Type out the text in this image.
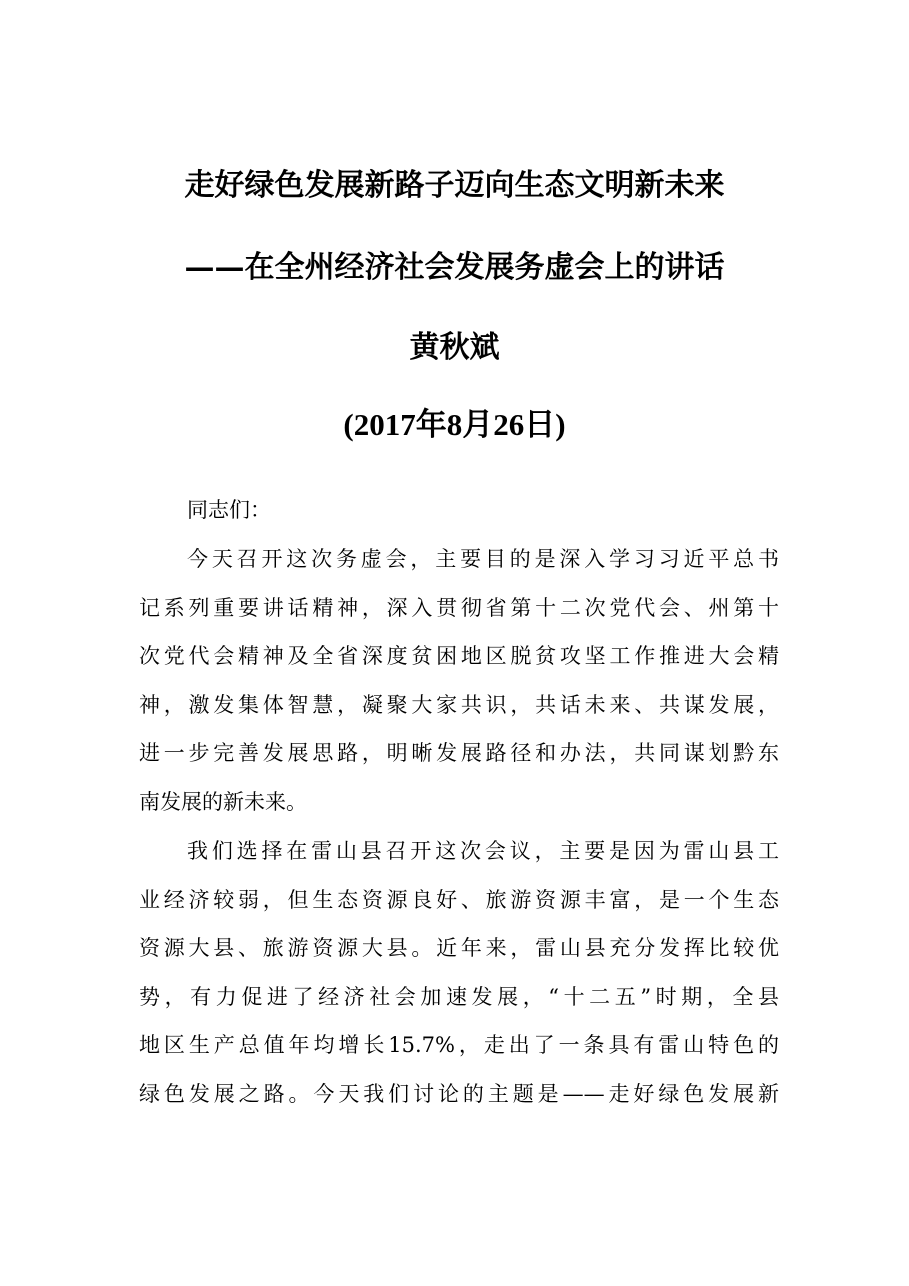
走好绿色发展新路子迈向生态文明新未来
——在全州经济社会发展务虚会上的讲话
黄秋斌
(2017年8月26日)
同志们：
今天召开这次务虚会，主要目的是深入学习习近平总书
记系列重要讲话精神，深入贯彻省第十二次党代会、州第十
次党代会精神及全省深度贫困地区脱贫攻坚工作推进大会精
神，激发集体智慧，凝聚大家共识，共话未来、共谋发展，
进一步完善发展思路，明晰发展路径和办法，共同谋划黔东
南发展的新未来。
我们选择在雷山县召开这次会议，主要是因为雷山县工
业经济较弱，但生态资源良好、旅游资源丰富，是一个生态
资源大县、旅游资源大县。近年来，雷山县充分发挥比较优
势，有力促进了经济社会加速发展，“十二五”时期，全县
地区生产总值年均增长15.7%，走出了一条具有雷山特色的
绿色发展之路。今天我们讨论的主题是——走好绿色发展新
